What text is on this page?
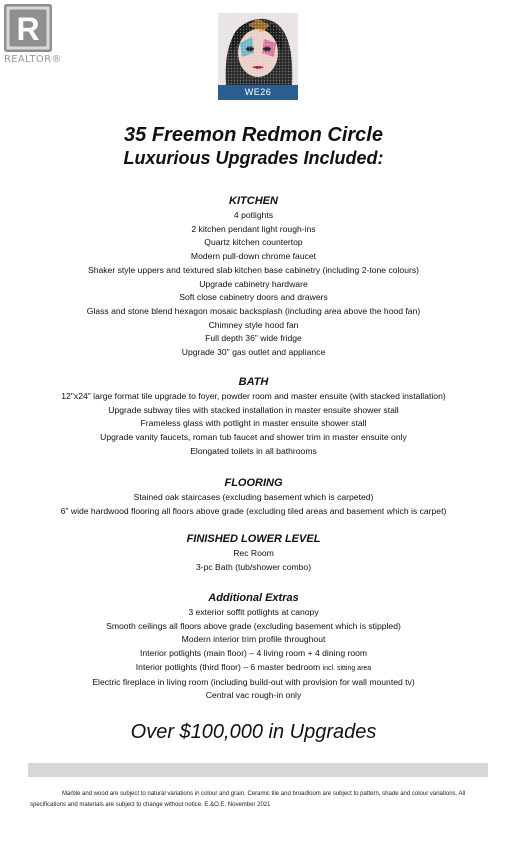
R
REALTOR®
WE26
35 Freemon Redmon Circle
Luxurious Upgrades Included:
KITCHEN
4 potlights
2 kitchen pendant light rough-ins
Quartz kitchen countertop
Modern pull-down chrome faucet
Shaker style uppers and textured slab kitchen base cabinetry (including 2-tone colours)
Upgrade cabinetry hardware
Soft close cabinetry doors and drawers
Glass and stone blend hexagon mosaic backsplash (including area above the hood fan)
Chimney style hood fan
Full depth 36" wide fridge
Upgrade 30" gas outlet and appliance
BATH
12"x24" large format tile upgrade to foyer, powder room and master ensuite (with stacked installation)
Upgrade subway tiles with stacked installation in master ensuite shower stall
Frameless glass with potlight in master ensuite shower stall
Upgrade vanity faucets, roman tub faucet and shower trim in master ensuite only
Elongated toilets in all bathrooms
FLOORING
Stained oak staircases (excluding basement which is carpeted)
6" wide hardwood flooring all floors above grade (excluding tiled areas and basement which is carpet)
FINISHED LOWER LEVEL
Rec Room
3-pc Bath (tub/shower combo)
Additional Extras
3 exterior soffit potlights at canopy
Smooth ceilings all floors above grade (excluding basement which is stippled)
Modern interior trim profile throughout
Interior potlights (main floor) – 4 living room + 4 dining room
Interior potlights (third floor) – 6 master bedroom incl. sitting area
Electric fireplace in living room (including build-out with provision for wall mounted tv)
Central vac rough-in only
Over $100,000 in Upgrades
Marble and wood are subject to natural variations in colour and grain. Ceramic tile and broadloom are subject to pattern, shade and colour variations. All specifications and materials are subject to change without notice. E.&O.E. November 2021
